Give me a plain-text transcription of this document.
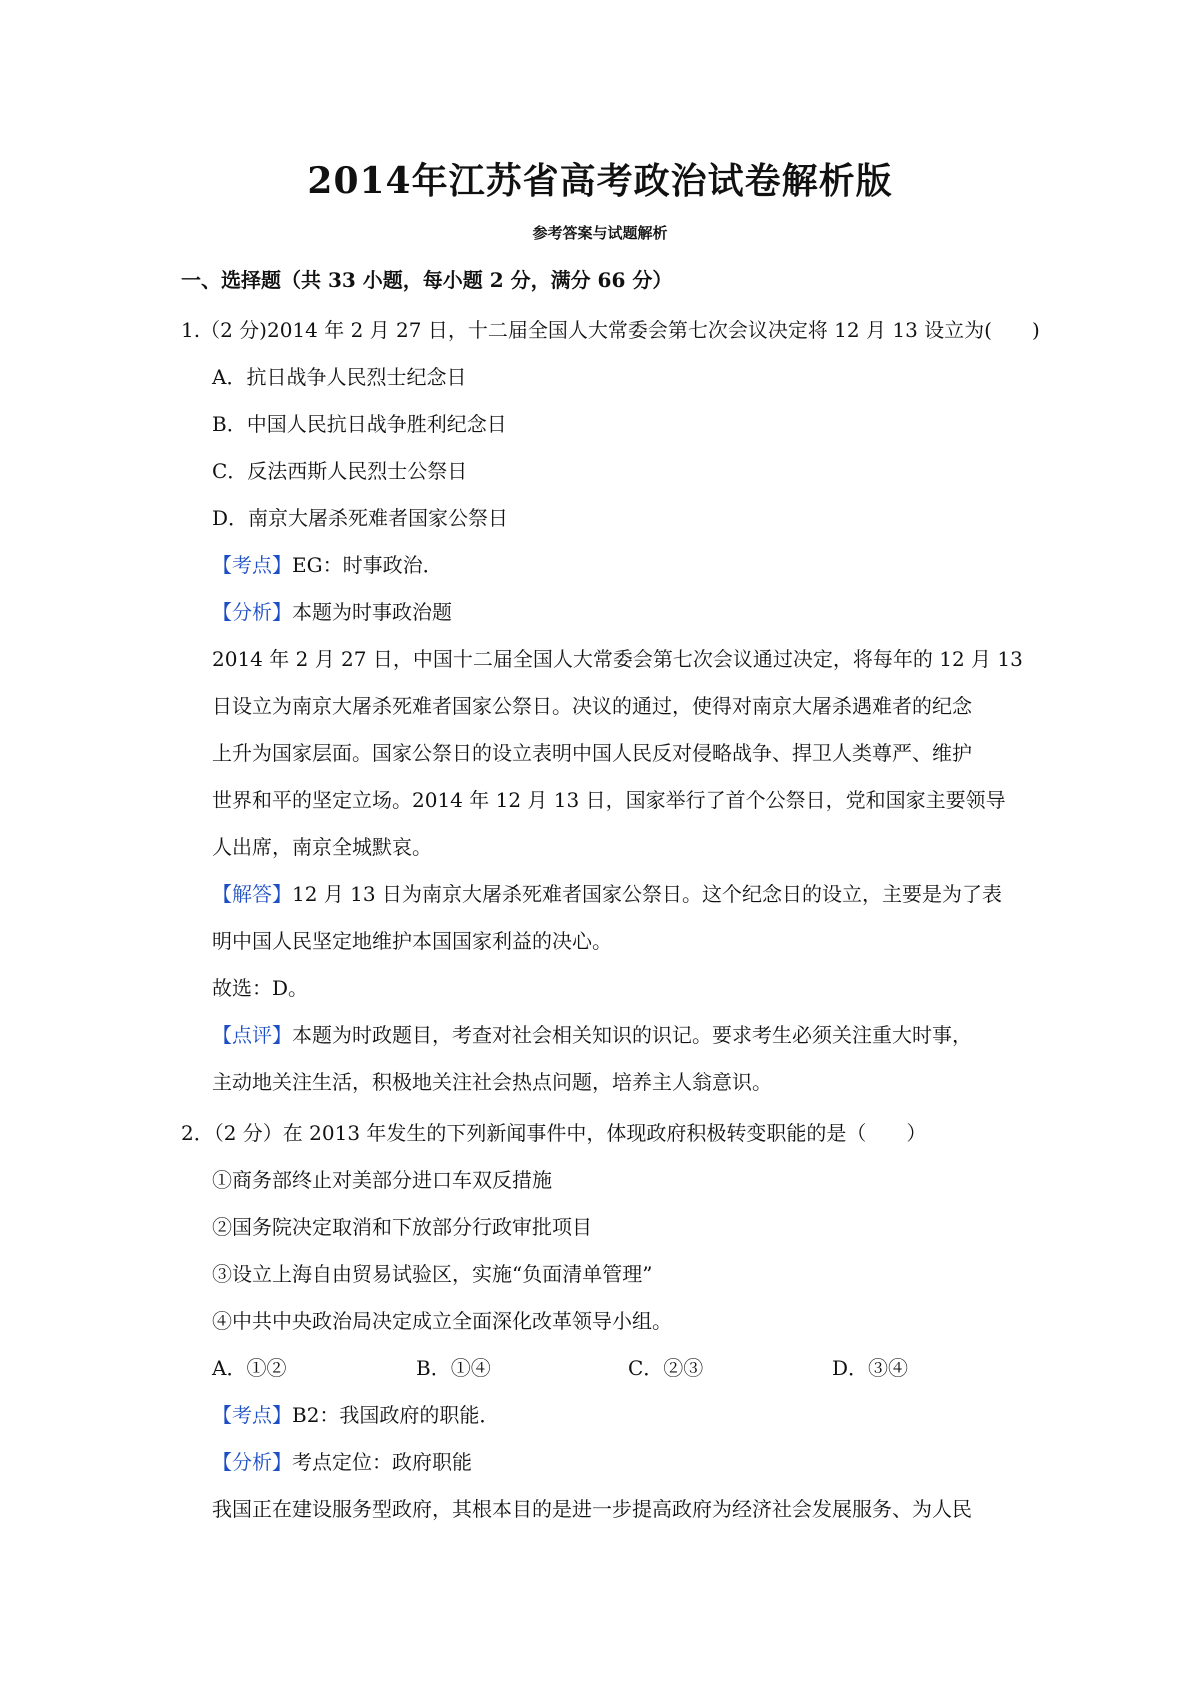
2014年江苏省高考政治试卷解析版
参考答案与试题解析
一、选择题（共 33 小题，每小题 2 分，满分 66 分）
1.（2 分)2014 年 2 月 27 日，十二届全国人大常委会第七次会议决定将 12 月 13 设立为(　　)
A．抗日战争人民烈士纪念日
B．中国人民抗日战争胜利纪念日
C．反法西斯人民烈士公祭日
D．南京大屠杀死难者国家公祭日
【考点】EG：时事政治．
【分析】本题为时事政治题
2014 年 2 月 27 日，中国十二届全国人大常委会第七次会议通过决定，将每年的 12 月 13
日设立为南京大屠杀死难者国家公祭日。决议的通过，使得对南京大屠杀遇难者的纪念
上升为国家层面。国家公祭日的设立表明中国人民反对侵略战争、捍卫人类尊严、维护
世界和平的坚定立场。2014 年 12 月 13 日，国家举行了首个公祭日，党和国家主要领导
人出席，南京全城默哀。
【解答】12 月 13 日为南京大屠杀死难者国家公祭日。这个纪念日的设立，主要是为了表
明中国人民坚定地维护本国国家利益的决心。
故选：D。
【点评】本题为时政题目，考查对社会相关知识的识记。要求考生必须关注重大时事，
主动地关注生活，积极地关注社会热点问题，培养主人翁意识。
2．（2 分）在 2013 年发生的下列新闻事件中，体现政府积极转变职能的是（　　）
①商务部终止对美部分进口车双反措施
②国务院决定取消和下放部分行政审批项目
③设立上海自由贸易试验区，实施“负面清单管理”
④中共中央政治局决定成立全面深化改革领导小组。
A．①②	B．①④	C．②③	D．③④
【考点】B2：我国政府的职能．
【分析】考点定位：政府职能
我国正在建设服务型政府，其根本目的是进一步提高政府为经济社会发展服务、为人民
